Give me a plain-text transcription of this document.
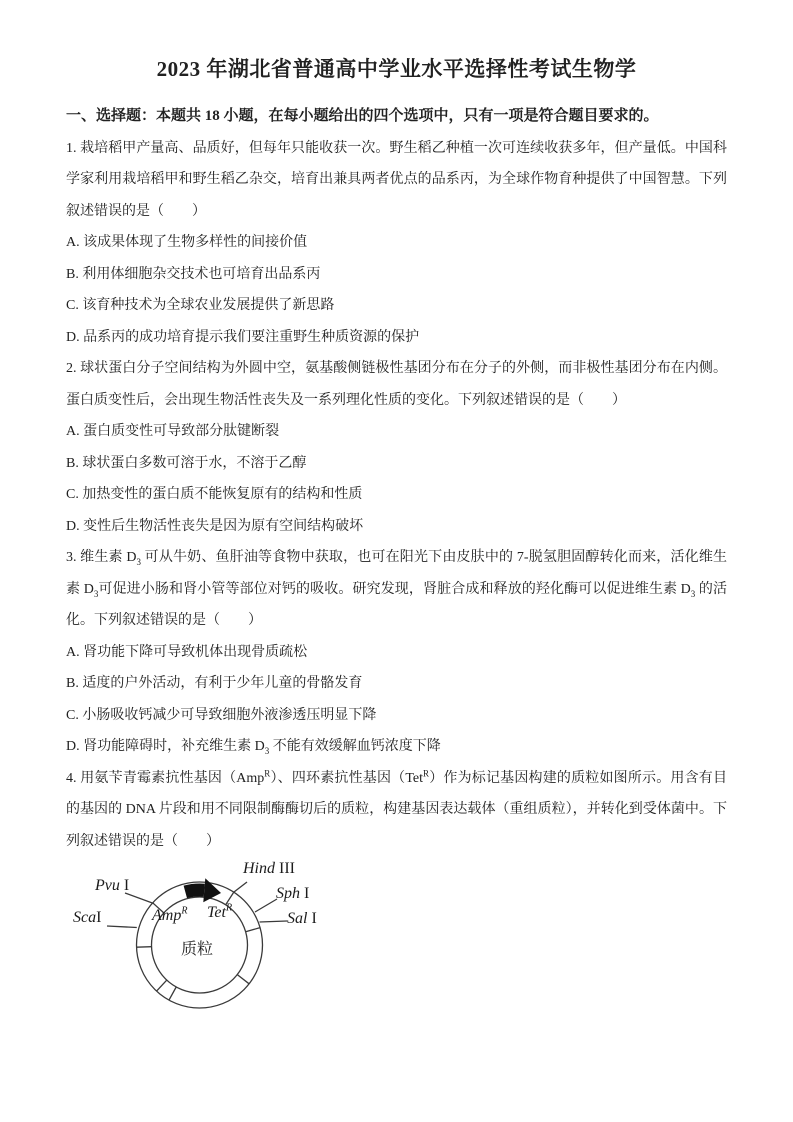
2023 年湖北省普通高中学业水平选择性考试生物学

一、选择题：本题共 18 小题，在每小题给出的四个选项中，只有一项是符合题目要求的。

1. 栽培稻甲产量高、品质好，但每年只能收获一次。野生稻乙种植一次可连续收获多年，但产量低。中国科学家利用栽培稻甲和野生稻乙杂交，培育出兼具两者优点的品系丙，为全球作物育种提供了中国智慧。下列叙述错误的是（　　）

A. 该成果体现了生物多样性的间接价值

B. 利用体细胞杂交技术也可培育出品系丙

C. 该育种技术为全球农业发展提供了新思路

D. 品系丙的成功培育提示我们要注重野生种质资源的保护

2. 球状蛋白分子空间结构为外圆中空，氨基酸侧链极性基团分布在分子的外侧，而非极性基团分布在内侧。蛋白质变性后，会出现生物活性丧失及一系列理化性质的变化。下列叙述错误的是（　　）

A. 蛋白质变性可导致部分肽键断裂

B. 球状蛋白多数可溶于水，不溶于乙醇

C. 加热变性的蛋白质不能恢复原有的结构和性质

D. 变性后生物活性丧失是因为原有空间结构破坏

3. 维生素 $D_3$ 可从牛奶、鱼肝油等食物中获取，也可在阳光下由皮肤中的 7-脱氢胆固醇转化而来，活化维生素 $D_3$可促进小肠和肾小管等部位对钙的吸收。研究发现，肾脏合成和释放的羟化酶可以促进维生素 $D_3$ 的活化。下列叙述错误的是（　　）

A. 肾功能下降可导致机体出现骨质疏松

B. 适度的户外活动，有利于少年儿童的骨骼发育

C. 小肠吸收钙减少可导致细胞外液渗透压明显下降

D. 肾功能障碍时，补充维生素 $D_3$ 不能有效缓解血钙浓度下降

4. 用氨苄青霉素抗性基因（Amp$^R$）、四环素抗性基因（Tet$^R$）作为标记基因构建的质粒如图所示。用含有目的基因的 DNA 片段和用不同限制酶酶切后的质粒，构建基因表达载体（重组质粒），并转化到受体菌中。下列叙述错误的是（　　）

Pvu I
ScaI
Hind III
Sph I
Sal I
Amp$^R$ Tet$^R$
质粒
